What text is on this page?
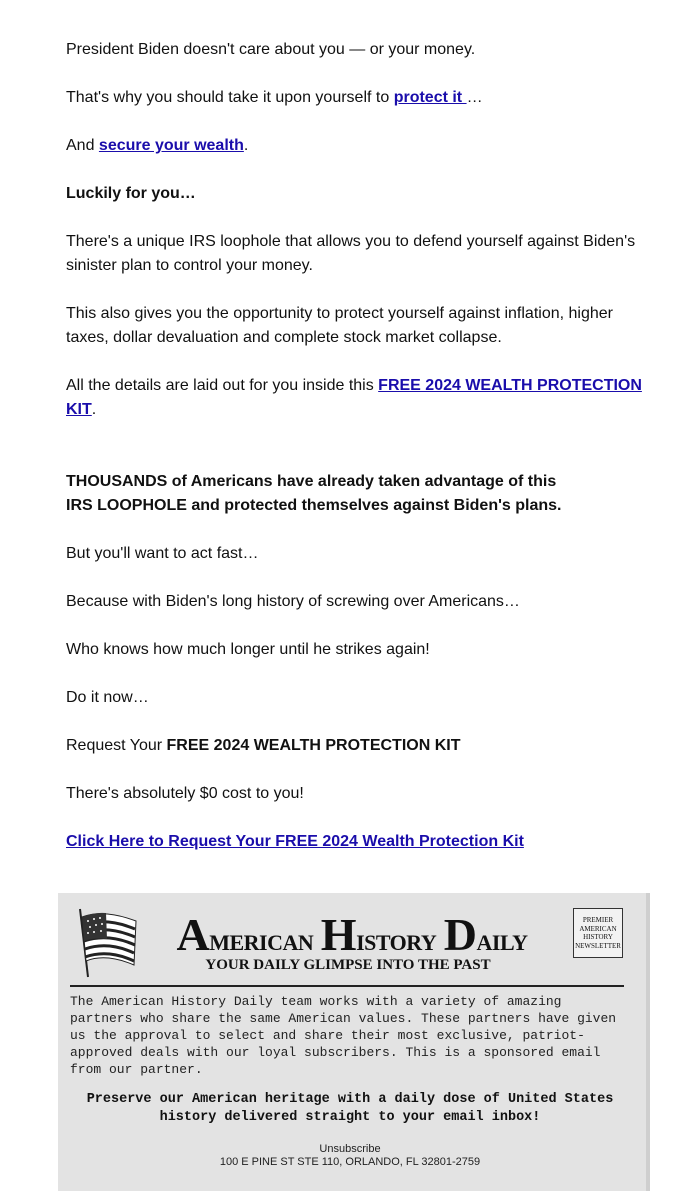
President Biden doesn't care about you — or your money.

That's why you should take it upon yourself to protect it …

And secure your wealth.

Luckily for you…

There's a unique IRS loophole that allows you to defend yourself against Biden's sinister plan to control your money.

This also gives you the opportunity to protect yourself against inflation, higher taxes, dollar devaluation and complete stock market collapse.

All the details are laid out for you inside this FREE 2024 WEALTH PROTECTION KIT.

THOUSANDS of Americans have already taken advantage of this
IRS LOOPHOLE and protected themselves against Biden's plans.

But you'll want to act fast…

Because with Biden's long history of screwing over Americans…

Who knows how much longer until he strikes again!

Do it now…

Request Your FREE 2024 WEALTH PROTECTION KIT

There's absolutely $0 cost to you!

Click Here to Request Your FREE 2024 Wealth Protection Kit

American History Daily
YOUR DAILY GLIMPSE INTO THE PAST
PREMIER AMERICAN HISTORY NEWSLETTER

The American History Daily team works with a variety of amazing partners who share the same American values. These partners have given us the approval to select and share their most exclusive, patriot-approved deals with our loyal subscribers. This is a sponsored email from our partner.

Preserve our American heritage with a daily dose of United States history delivered straight to your email inbox!

Unsubscribe
100 E PINE ST STE 110, ORLANDO, FL 32801-2759
